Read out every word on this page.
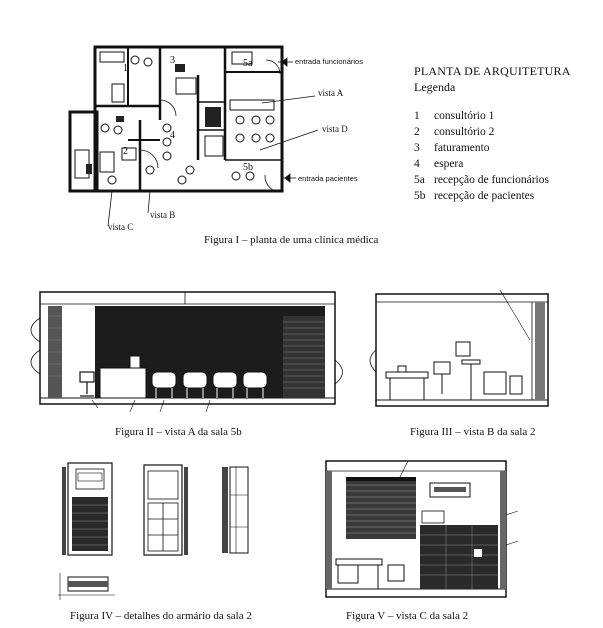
1
2
3
4
5a
5b
entrada funcionários
entrada pacientes
vista A
vista D
vista B
vista C
PLANTA DE ARQUITETURA
Legenda
1 consultório 1
2 consultório 2
3 faturamento
4 espera
5a recepção de funcionários
5b recepção de pacientes
Figura I – planta de uma clínica médica
Figura II – vista A da sala 5b	Figura III – vista B da sala 2
Figura IV – detalhes do armário da sala 2	Figura V – vista C da sala 2
